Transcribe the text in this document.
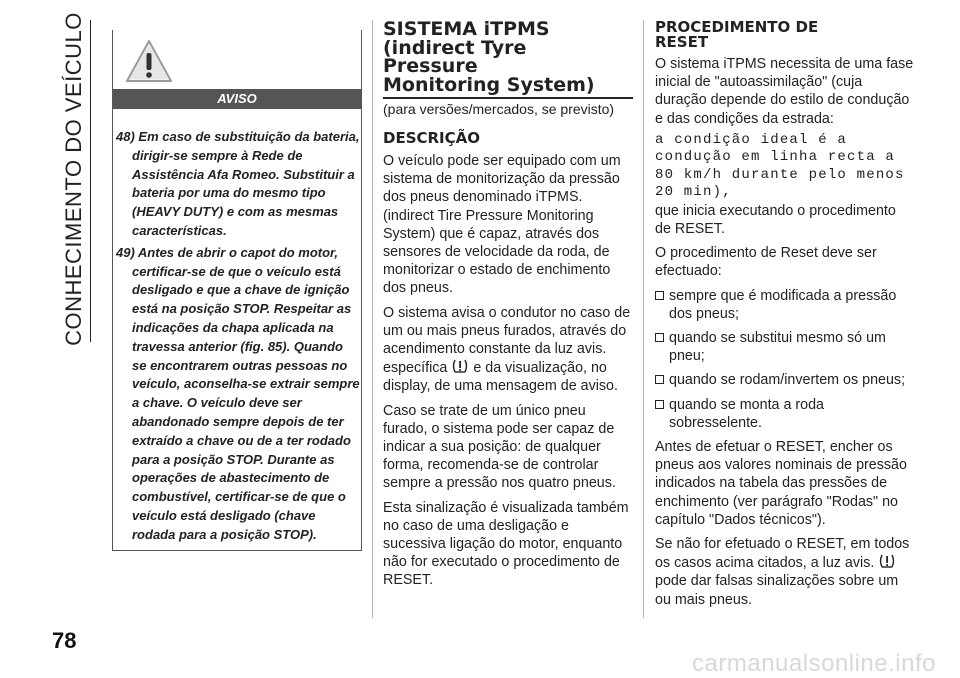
CONHECIMENTO DO VEÍCULO	AVISO
48) Em caso de substituição da bateria, dirigir-se sempre à Rede de Assistência Afa Romeo. Substituir a bateria por uma do mesmo tipo (HEAVY DUTY) e com as mesmas características.
49) Antes de abrir o capot do motor, certificar-se de que o veículo está desligado e que a chave de ignição está na posição STOP. Respeitar as indicações da chapa aplicada na travessa anterior (fig. 85). Quando se encontrarem outras pessoas no veículo, aconselha-se extrair sempre a chave. O veículo deve ser abandonado sempre depois de ter extraído a chave ou de a ter rodado para a posição STOP. Durante as operações de abastecimento de combustível, certificar-se de que o veículo está desligado (chave rodada para a posição STOP).
SISTEMA iTPMS
(indirect Tyre
Pressure
Monitoring System)
(para versões/mercados, se previsto)
DESCRIÇÃO

O veículo pode ser equipado com um sistema de monitorização da pressão dos pneus denominado iTPMS. (indirect Tire Pressure Monitoring System) que é capaz, através dos sensores de velocidade da roda, de monitorizar o estado de enchimento dos pneus.

O sistema avisa o condutor no caso de um ou mais pneus furados, através do acendimento constante da luz avis. específica e da visualização, no display, de uma mensagem de aviso.

Caso se trate de um único pneu furado, o sistema pode ser capaz de indicar a sua posição: de qualquer forma, recomenda-se de controlar sempre a pressão nos quatro pneus.

Esta sinalização é visualizada também no caso de uma desligação e sucessiva ligação do motor, enquanto não for executado o procedimento de RESET.

PROCEDIMENTO DE
RESET

O sistema iTPMS necessita de uma fase inicial de "autoassimilação" (cuja duração depende do estilo de condução e das condições da estrada:

a condição ideal é a condução em linha recta a 80 km/h durante pelo menos 20 min),

que inicia executando o procedimento de RESET.

O procedimento de Reset deve ser efectuado:

sempre que é modificada a pressão dos pneus;
quando se substitui mesmo só um pneu;
quando se rodam/invertem os pneus;
quando se monta a roda sobresselente.

Antes de efetuar o RESET, encher os pneus aos valores nominais de pressão indicados na tabela das pressões de enchimento (ver parágrafo "Rodas" no capítulo "Dados técnicos").

Se não for efetuado o RESET, em todos os casos acima citados, a luz avis.  pode dar falsas sinalizações sobre um ou mais pneus.

78
carmanualsonline.info
